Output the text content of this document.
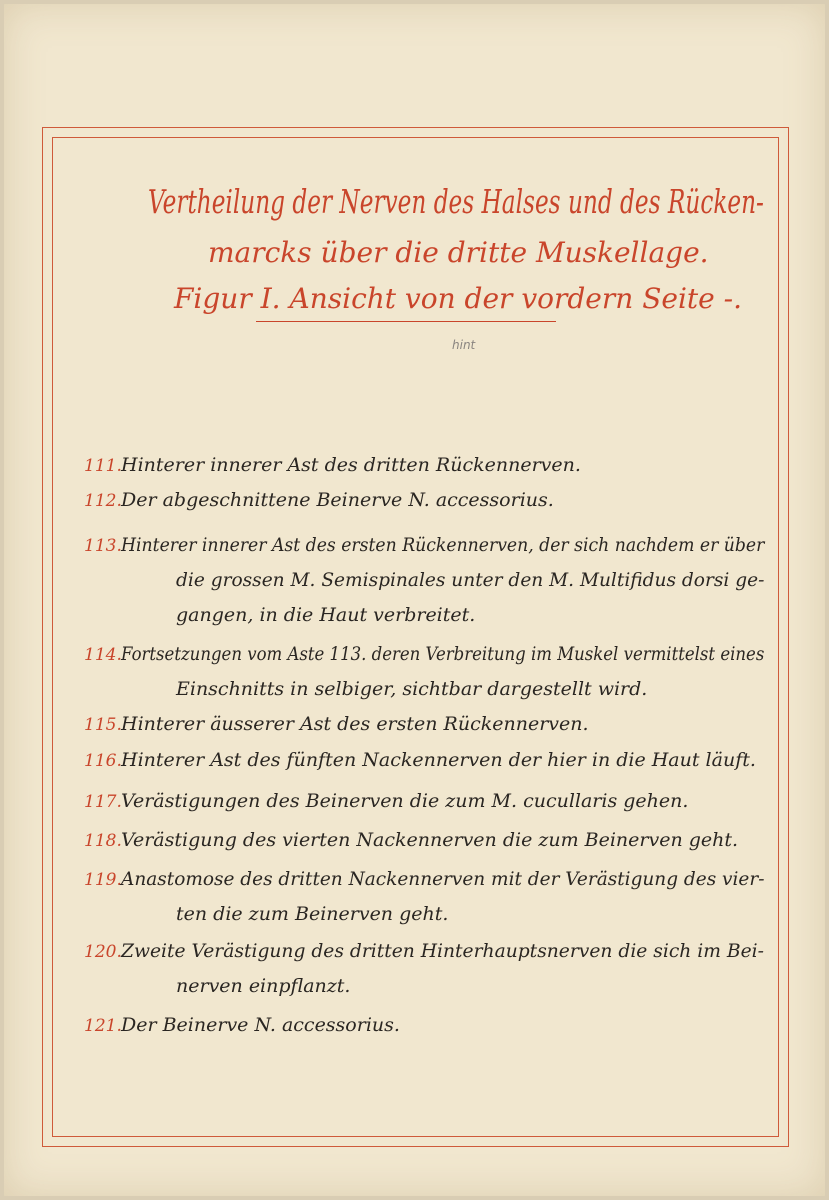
Vertheilung der Nerven des Halses und des Rücken-
marcks über die dritte Muskellage.
Figur I. Ansicht von der vordern Seite -.
hint
111. Hinterer innerer Ast des dritten Rückennerven.
112. Der abgeschnittene Beinerve N. accessorius.
113. Hinterer innerer Ast des ersten Rückennerven, der sich nachdem er über
die grossen M. Semispinales unter den M. Multifidus dorsi ge-
gangen, in die Haut verbreitet.
114. Fortsetzungen vom Aste 113. deren Verbreitung im Muskel vermittelst eines
Einschnitts in selbiger, sichtbar dargestellt wird.
115. Hinterer äusserer Ast des ersten Rückennerven.
116. Hinterer Ast des fünften Nackennerven der hier in die Haut läuft.
117. Verästigungen des Beinerven die zum M. cucullaris gehen.
118. Verästigung des vierten Nackennerven die zum Beinerven geht.
119. Anastomose des dritten Nackennerven mit der Verästigung des vier-
ten die zum Beinerven geht.
120. Zweite Verästigung des dritten Hinterhauptsnerven die sich im Bei-
nerven einpflanzt.
121. Der Beinerve N. accessorius.
